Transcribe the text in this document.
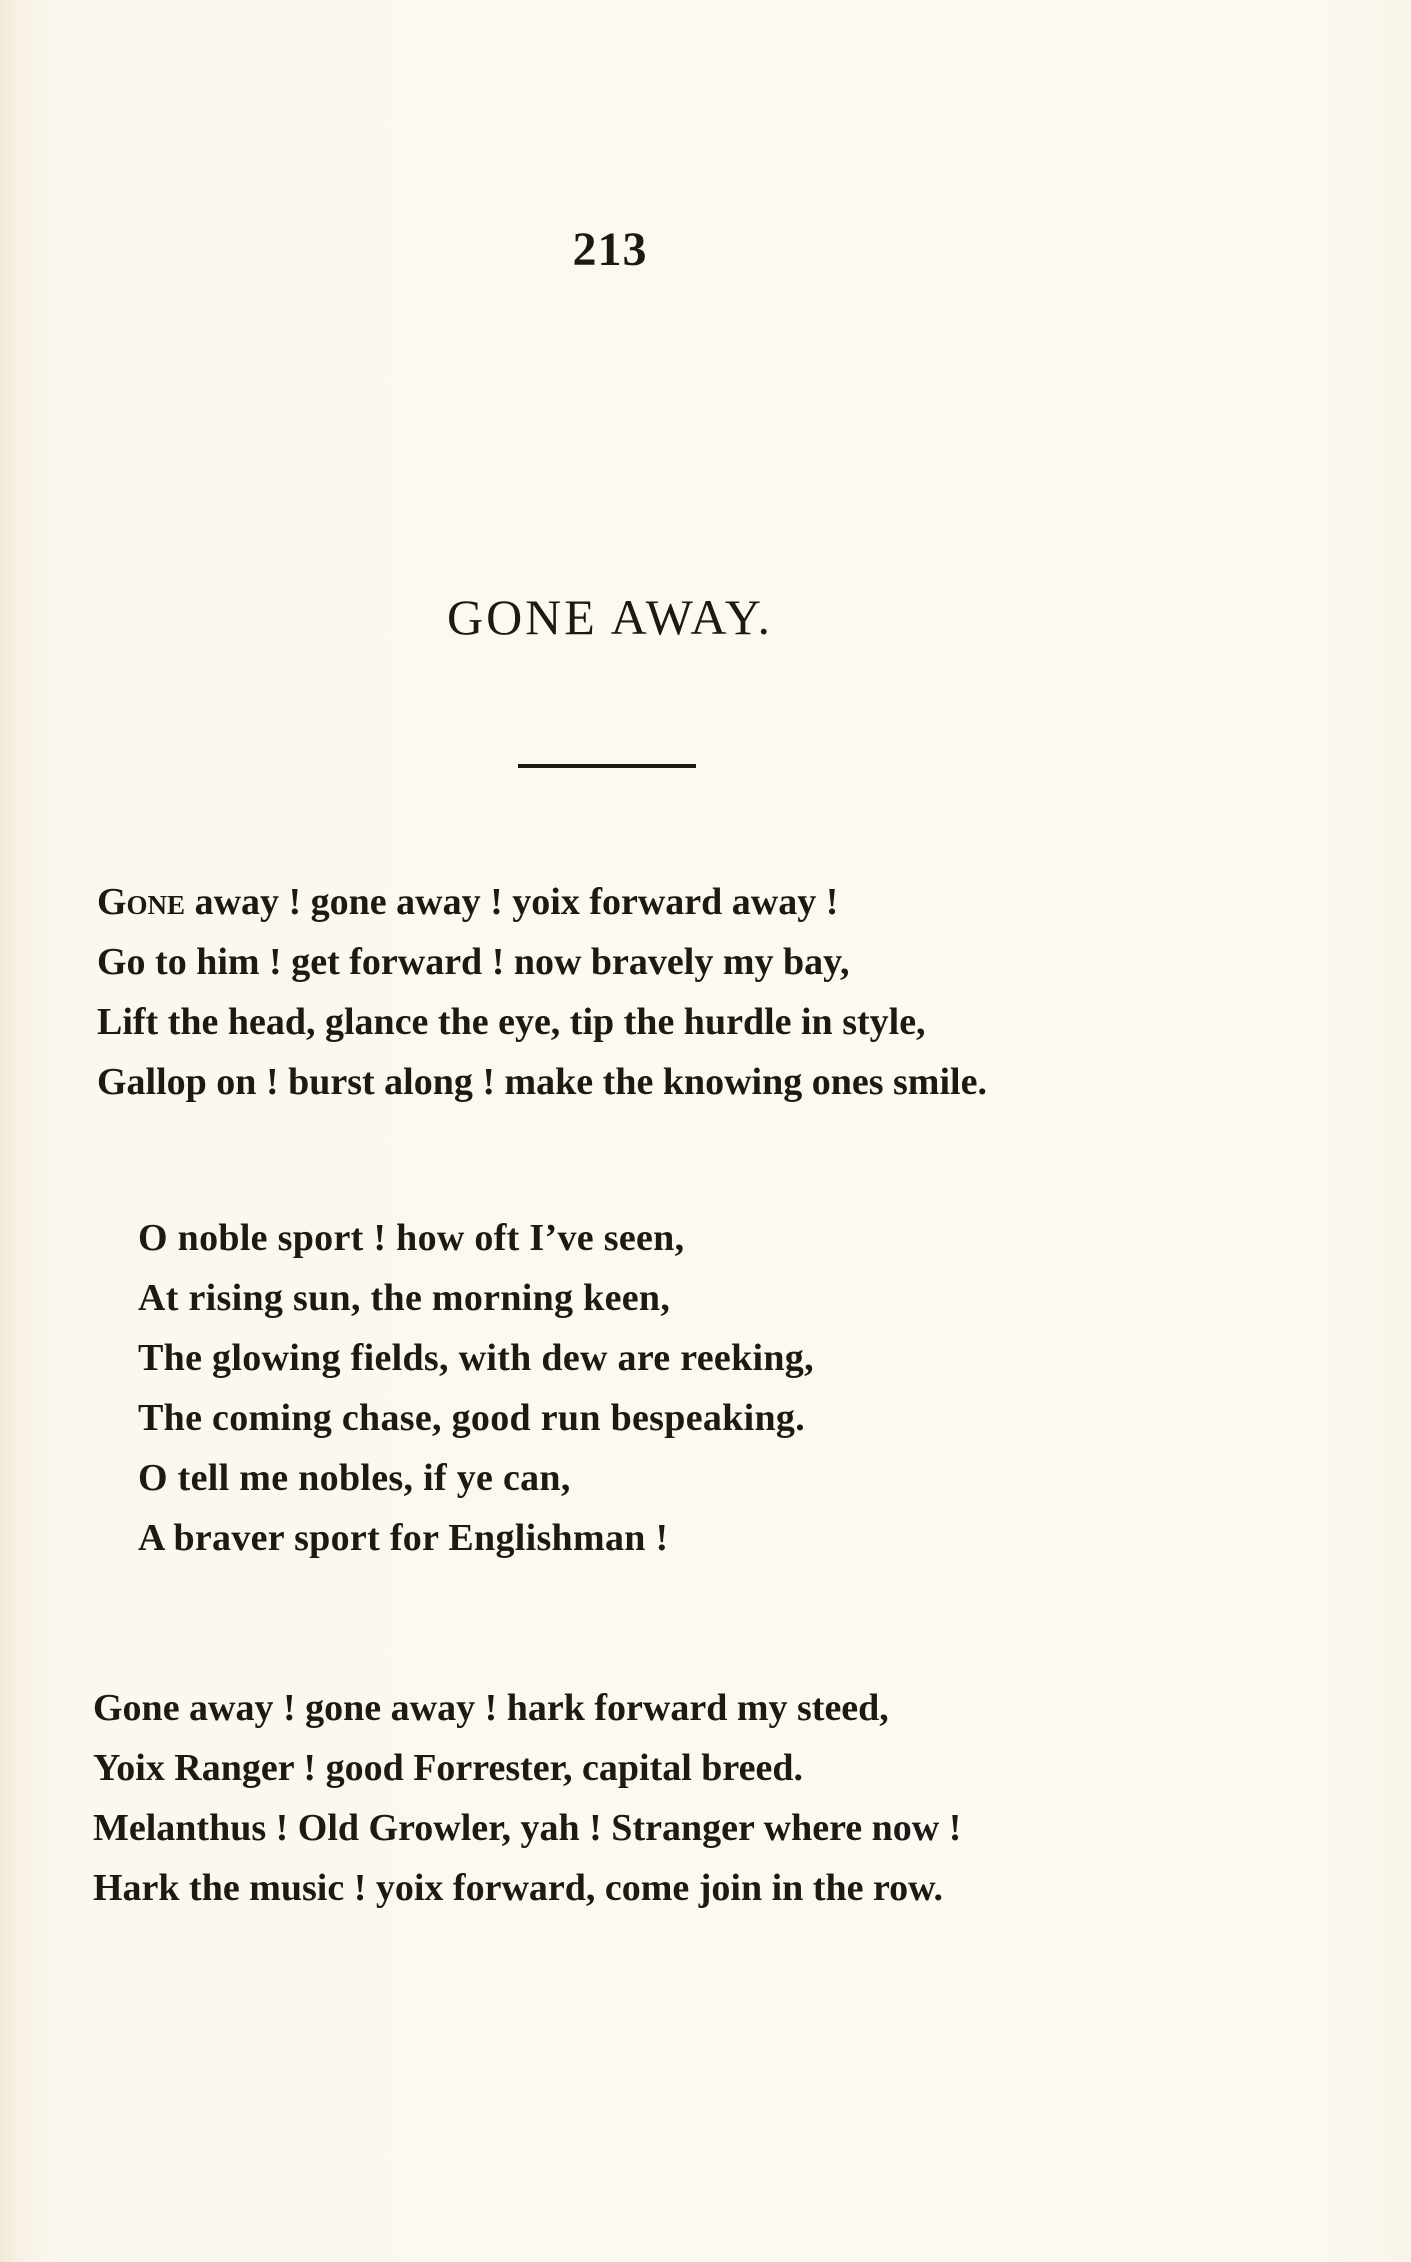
213
GONE AWAY.
Gone away ! gone away ! yoix forward away !
Go to him ! get forward ! now bravely my bay,
Lift the head, glance the eye, tip the hurdle in style,
Gallop on ! burst along ! make the knowing ones smile.
O noble sport ! how oft I’ve seen,
At rising sun, the morning keen,
The glowing fields, with dew are reeking,
The coming chase, good run bespeaking.
O tell me nobles, if ye can,
A braver sport for Englishman !
Gone away ! gone away ! hark forward my steed,
Yoix Ranger ! good Forrester, capital breed.
Melanthus ! Old Growler, yah ! Stranger where now !
Hark the music ! yoix forward, come join in the row.
